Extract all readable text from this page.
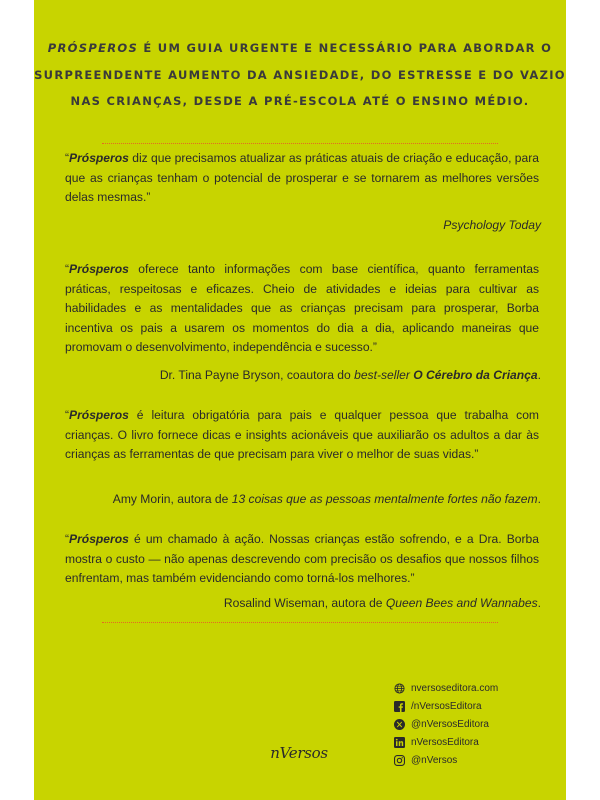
PRÓSPEROS É UM GUIA URGENTE E NECESSÁRIO PARA ABORDAR O
SURPREENDENTE AUMENTO DA ANSIEDADE, DO ESTRESSE E DO VAZIO
NAS CRIANÇAS, DESDE A PRÉ-ESCOLA ATÉ O ENSINO MÉDIO.
“Prósperos diz que precisamos atualizar as práticas atuais de criação e educação, para que as crianças tenham o potencial de prosperar e se tornarem as melhores versões delas mesmas.”
Psychology Today
“Prósperos oferece tanto informações com base científica, quanto ferramentas práticas, respeitosas e eficazes. Cheio de atividades e ideias para cultivar as habilidades e as mentalidades que as crianças precisam para prosperar, Borba incentiva os pais a usarem os momentos do dia a dia, aplicando maneiras que promovam o desenvolvimento, independência e sucesso.”
Dr. Tina Payne Bryson, coautora do best-seller O Cérebro da Criança.
“Prósperos é leitura obrigatória para pais e qualquer pessoa que trabalha com crianças. O livro fornece dicas e insights acionáveis que auxiliarão os adultos a dar às crianças as ferramentas de que precisam para viver o melhor de suas vidas.”
Amy Morin, autora de 13 coisas que as pessoas mentalmente fortes não fazem.
“Prósperos é um chamado à ação. Nossas crianças estão sofrendo, e a Dra. Borba mostra o custo — não apenas descrevendo com precisão os desafios que nossos filhos enfrentam, mas também evidenciando como torná-los melhores.”
Rosalind Wiseman, autora de Queen Bees and Wannabes.
nversoseditora.com
/nVersosEditora
@nVersosEditora
nVersosEditora
@nVersos
nVersos
